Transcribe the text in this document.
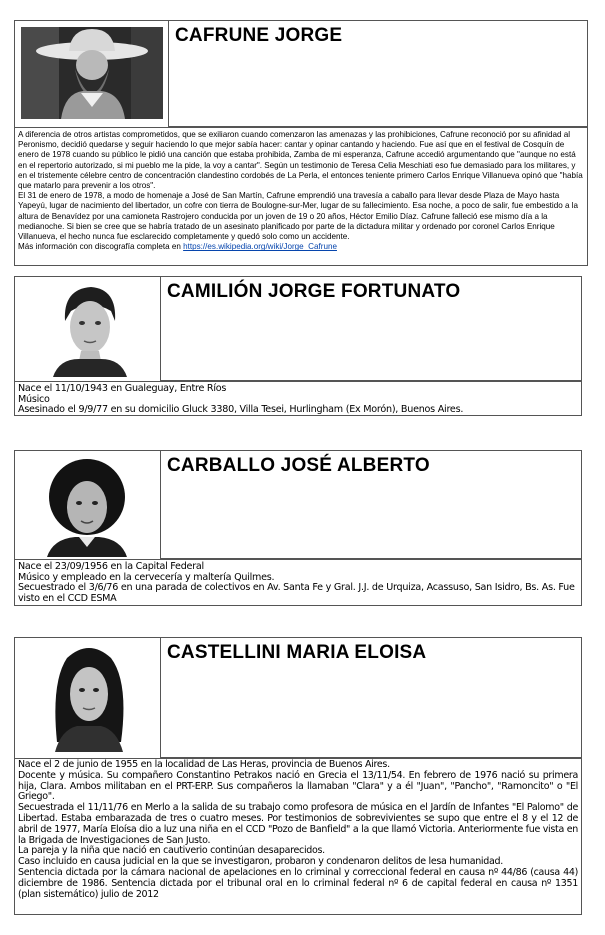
CAFRUNE JORGE

A diferencia de otros artistas comprometidos, que se exiliaron cuando comenzaron las amenazas y las prohibiciones, Cafrune reconoció por su afinidad al Peronismo, decidió quedarse y seguir haciendo lo que mejor sabía hacer: cantar y opinar cantando y haciendo. Fue así que en el festival de Cosquín de enero de 1978 cuando su público le pidió una canción que estaba prohibida, Zamba de mi esperanza, Cafrune accedió argumentando que "aunque no está en el repertorio autorizado, si mi pueblo me la pide, la voy a cantar". Según un testimonio de Teresa Celia Meschiati eso fue demasiado para los militares, y en el tristemente célebre centro de concentración clandestino cordobés de La Perla, el entonces teniente primero Carlos Enrique Villanueva opinó que "había que matarlo para prevenir a los otros".

El 31 de enero de 1978, a modo de homenaje a José de San Martín, Cafrune emprendió una travesía a caballo para llevar desde Plaza de Mayo hasta Yapeyú, lugar de nacimiento del libertador, un cofre con tierra de Boulogne-sur-Mer, lugar de su fallecimiento. Esa noche, a poco de salir, fue embestido a la altura de Benavídez por una camioneta Rastrojero conducida por un joven de 19 o 20 años, Héctor Emilio Díaz. Cafrune falleció ese mismo día a la medianoche. Si bien se cree que se habría tratado de un asesinato planificado por parte de la dictadura militar y ordenado por coronel Carlos Enrique Villanueva, el hecho nunca fue esclarecido completamente y quedó solo como un accidente.

Más información con discografía completa en https://es.wikipedia.org/wiki/Jorge_Cafrune

CAMILIÓN JORGE FORTUNATO

Nace el 11/10/1943 en Gualeguay, Entre Ríos

Músico

Asesinado el 9/9/77 en su domicilio Gluck 3380, Villa Tesei, Hurlingham (Ex Morón), Buenos Aires.

CARBALLO JOSÉ ALBERTO

Nace el 23/09/1956 en la Capital Federal

Músico y empleado en la cervecería y maltería Quilmes.

Secuestrado el 3/6/76 en una parada de colectivos en Av. Santa Fe y Gral. J.J. de Urquiza, Acassuso, San Isidro, Bs. As. Fue visto en el CCD ESMA

CASTELLINI MARIA ELOISA

Nace el 2 de junio de 1955 en la localidad de Las Heras, provincia de Buenos Aires.

Docente y música. Su compañero Constantino Petrakos nació en Grecia el 13/11/54. En febrero de 1976 nació su primera hija, Clara. Ambos militaban en el PRT-ERP. Sus compañeros la llamaban "Clara" y a él "Juan", "Pancho", "Ramoncito" o "El Griego".

Secuestrada el 11/11/76 en Merlo a la salida de su trabajo como profesora de música en el Jardín de Infantes "El Palomo" de Libertad. Estaba embarazada de tres o cuatro meses. Por testimonios de sobrevivientes se supo que entre el 8 y el 12 de abril de 1977, María Eloísa dio a luz una niña en el CCD "Pozo de Banfield" a la que llamó Victoria. Anteriormente fue vista en la Brigada de Investigaciones de San Justo.

La pareja y la niña que nació en cautiverio continúan desaparecidos.

Caso incluido en causa judicial en la que se investigaron, probaron y condenaron delitos de lesa humanidad.

Sentencia dictada por la cámara nacional de apelaciones en lo criminal y correccional federal en causa nº 44/86 (causa 44) diciembre de 1986. Sentencia dictada por el tribunal oral en lo criminal federal nº 6 de capital federal en causa nº 1351 (plan sistemático) julio de 2012
